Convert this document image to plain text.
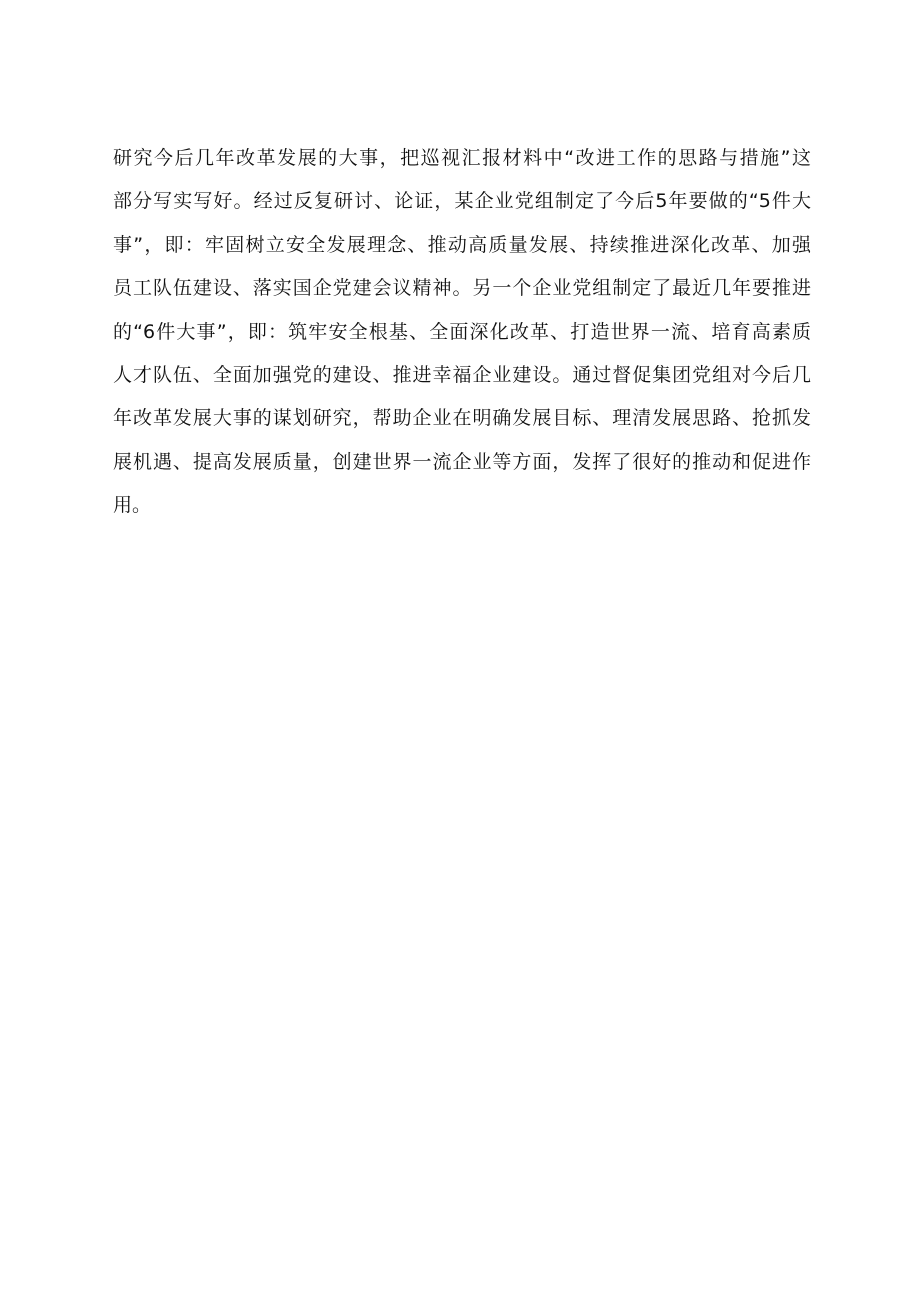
研究今后几年改革发展的大事，把巡视汇报材料中“改进工作的思路与措施”这
部分写实写好。经过反复研讨、论证，某企业党组制定了今后5年要做的“5件大
事”，即：牢固树立安全发展理念、推动高质量发展、持续推进深化改革、加强
员工队伍建设、落实国企党建会议精神。另一个企业党组制定了最近几年要推进
的“6件大事”，即：筑牢安全根基、全面深化改革、打造世界一流、培育高素质
人才队伍、全面加强党的建设、推进幸福企业建设。通过督促集团党组对今后几
年改革发展大事的谋划研究，帮助企业在明确发展目标、理清发展思路、抢抓发
展机遇、提高发展质量，创建世界一流企业等方面，发挥了很好的推动和促进作
用。
